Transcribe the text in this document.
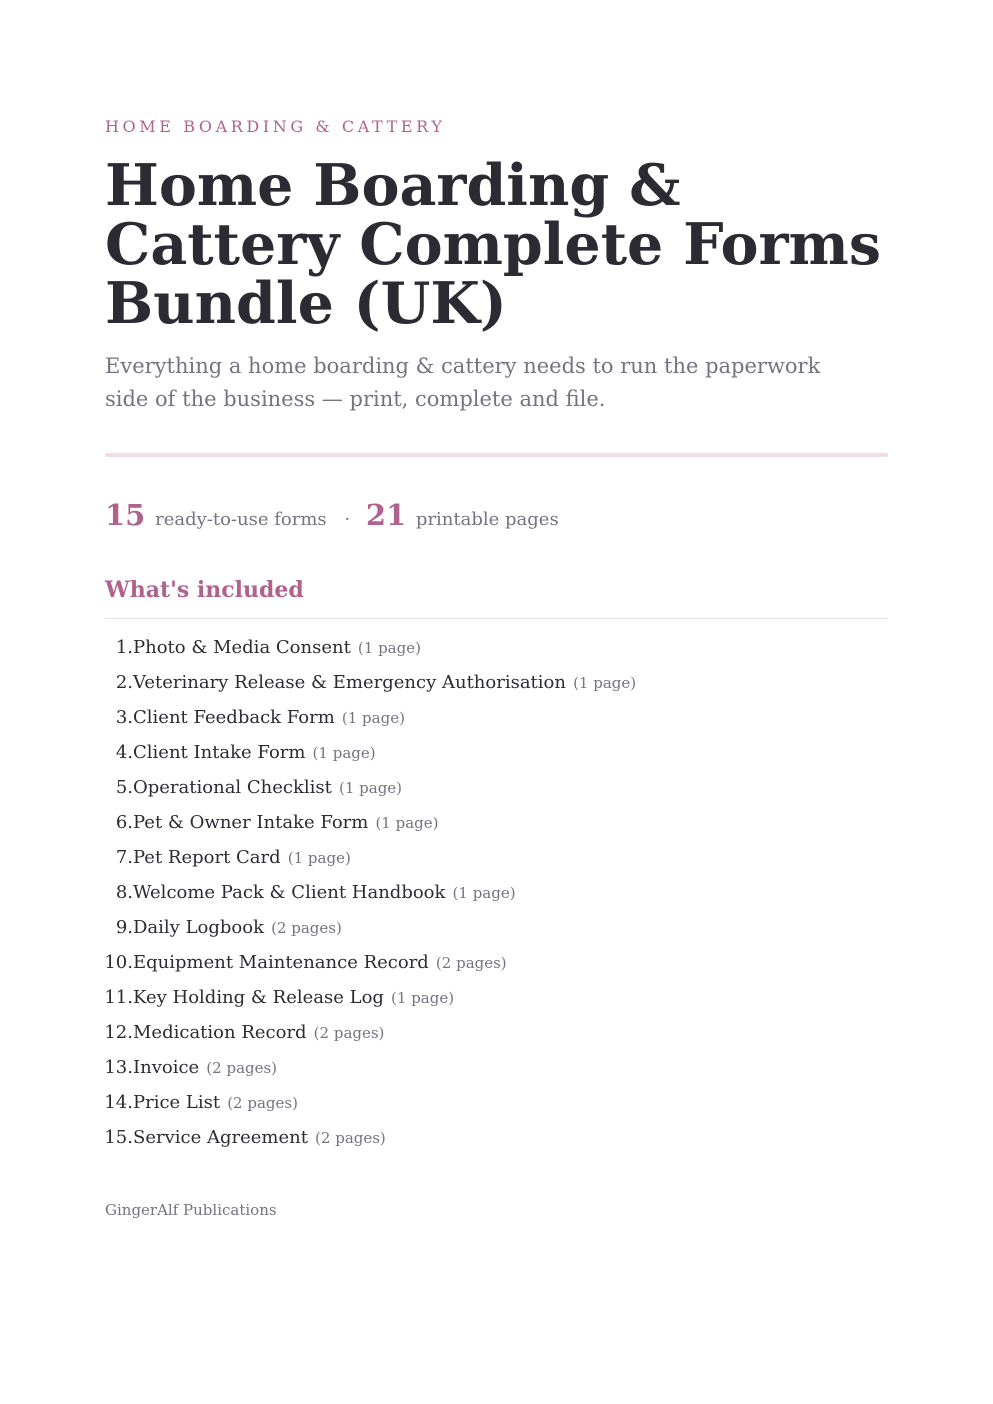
HOME BOARDING & CATTERY
Home Boarding &
Cattery Complete Forms
Bundle (UK)

Everything a home boarding & cattery needs to run the paperwork
side of the business — print, complete and file.

15 ready-to-use forms · 21 printable pages
What's included
1. Photo & Media Consent (1 page)
2. Veterinary Release & Emergency Authorisation (1 page)
3. Client Feedback Form (1 page)
4. Client Intake Form (1 page)
5. Operational Checklist (1 page)
6. Pet & Owner Intake Form (1 page)
7. Pet Report Card (1 page)
8. Welcome Pack & Client Handbook (1 page)
9. Daily Logbook (2 pages)
10. Equipment Maintenance Record (2 pages)
11. Key Holding & Release Log (1 page)
12. Medication Record (2 pages)
13. Invoice (2 pages)
14. Price List (2 pages)
15. Service Agreement (2 pages)
GingerAlf Publications
